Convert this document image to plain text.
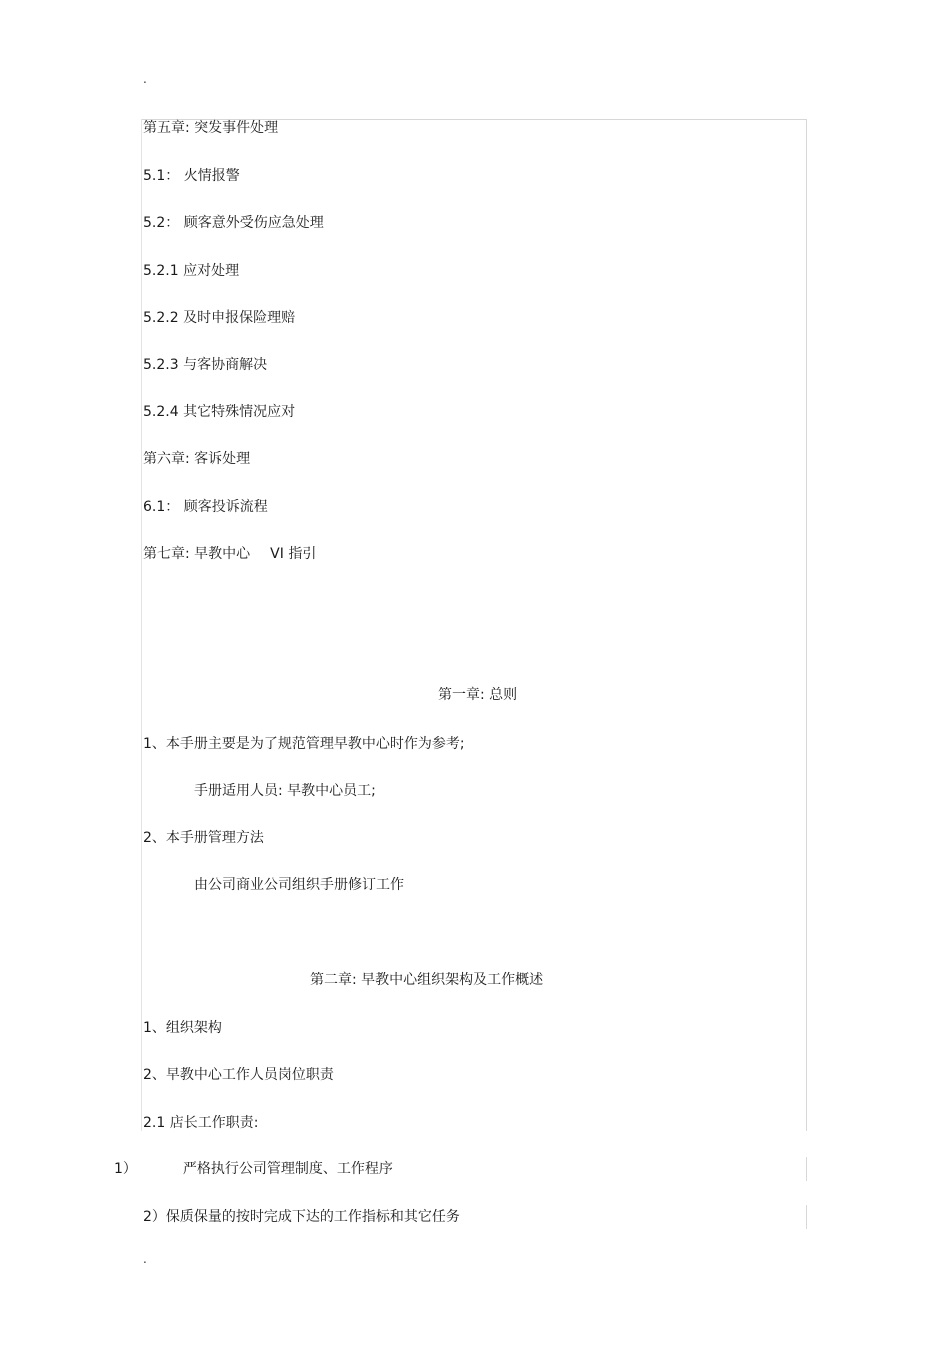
.
第五章: 突发事件处理
5.1： 火情报警
5.2： 顾客意外受伤应急处理
5.2.1 应对处理
5.2.2 及时申报保险理赔
5.2.3 与客协商解决
5.2.4 其它特殊情况应对
第六章: 客诉处理
6.1： 顾客投诉流程
第七章: 早教中心 VI 指引
第一章: 总则
1、本手册主要是为了规范管理早教中心时作为参考;
手册适用人员: 早教中心员工;
2、本手册管理方法
由公司商业公司组织手册修订工作
第二章: 早教中心组织架构及工作概述
1、组织架构
2、早教中心工作人员岗位职责
2.1 店长工作职责:
1）	严格执行公司管理制度、工作程序
2）保质保量的按时完成下达的工作指标和其它任务
.
